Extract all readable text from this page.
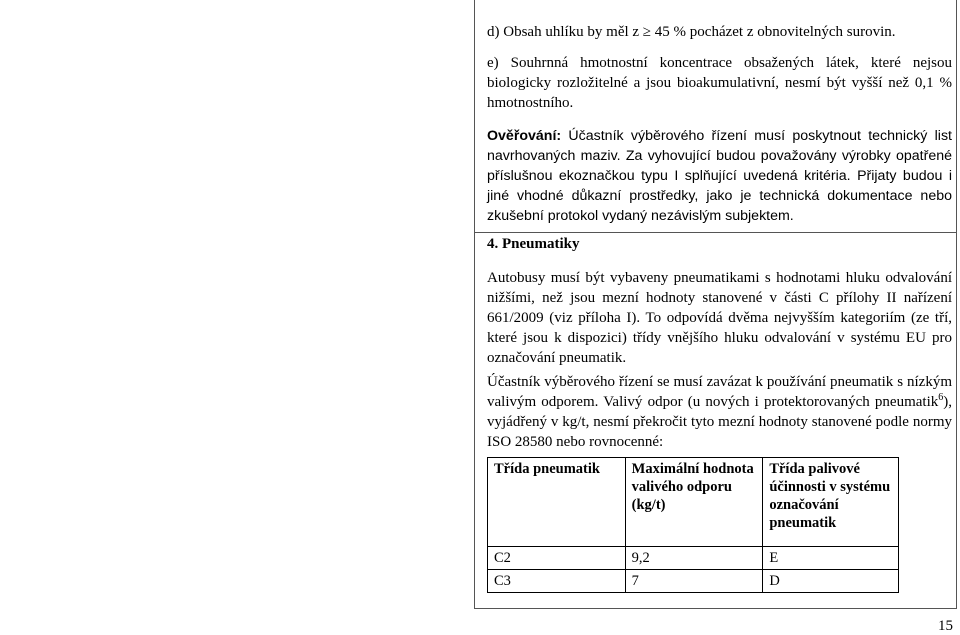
d) Obsah uhlíku by měl z ≥ 45 % pocházet z obnovitelných surovin.
e) Souhrnná hmotnostní koncentrace obsažených látek, které nejsou biologicky rozložitelné a jsou bioakumulativní, nesmí být vyšší než 0,1 % hmotnostního.
Ověřování: Účastník výběrového řízení musí poskytnout technický list navrhovaných maziv. Za vyhovující budou považovány výrobky opatřené příslušnou ekoznačkou typu I splňující uvedená kritéria. Přijaty budou i jiné vhodné důkazní prostředky, jako je technická dokumentace nebo zkušební protokol vydaný nezávislým subjektem.
4. Pneumatiky
Autobusy musí být vybaveny pneumatikami s hodnotami hluku odvalování nižšími, než jsou mezní hodnoty stanovené v části C přílohy II nařízení 661/2009 (viz příloha I). To odpovídá dvěma nejvyšším kategoriím (ze tří, které jsou k dispozici) třídy vnějšího hluku odvalování v systému EU pro označování pneumatik.
Účastník výběrového řízení se musí zavázat k používání pneumatik s nízkým valivým odporem. Valivý odpor (u nových i protektorovaných pneumatik$^6$), vyjádřený v kg/t, nesmí překročit tyto mezní hodnoty stanovené podle normy ISO 28580 nebo rovnocenné:
Třída pneumatik	Maximální hodnota valivého odporu (kg/t)	Třída palivové účinnosti v systému označování pneumatik
C2	9,2	E
C3	7	D
15
